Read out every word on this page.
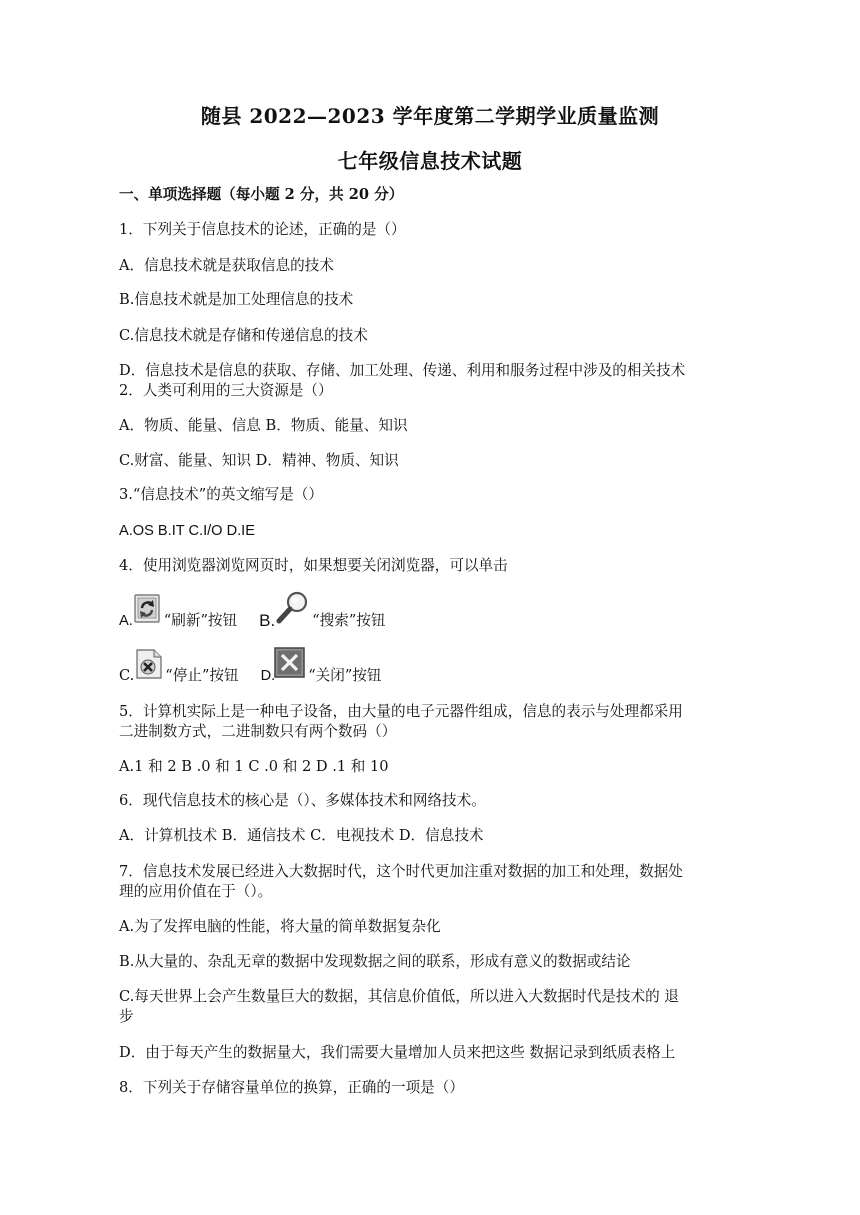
随县 2022—2023 学年度第二学期学业质量监测
七年级信息技术试题
一、单项选择题（每小题 2 分，共 20 分）
1．下列关于信息技术的论述，正确的是（）
A．信息技术就是获取信息的技术
B.信息技术就是加工处理信息的技术
C.信息技术就是存储和传递信息的技术
D．信息技术是信息的获取、存储、加工处理、传递、利用和服务过程中涉及的相关技术
2．人类可利用的三大资源是（）
A．物质、能量、信息 B．物质、能量、知识
C.财富、能量、知识 D．精神、物质、知识
3.“信息技术”的英文缩写是（）
A.OS B.IT C.I/O D.IE
4．使用浏览器浏览网页时，如果想要关闭浏览器，可以单击
A. “刷新”按钮 B.	“搜索”按钮
C. “停止”按钮 D. “关闭”按钮
5．计算机实际上是一种电子设备，由大量的电子元器件组成，信息的表示与处理都采用
二进制数方式，二进制数只有两个数码（）
A.1 和 2 B .0 和 1 C .0 和 2 D .1 和 10
6．现代信息技术的核心是（）、多媒体技术和网络技术。
A．计算机技术 B．通信技术 C．电视技术 D．信息技术
7．信息技术发展已经进入大数据时代，这个时代更加注重对数据的加工和处理，数据处
理的应用价值在于（）。
A.为了发挥电脑的性能，将大量的简单数据复杂化
B.从大量的、杂乱无章的数据中发现数据之间的联系，形成有意义的数据或结论
C.每天世界上会产生数量巨大的数据，其信息价值低，所以进入大数据时代是技术的 退
步
D．由于每天产生的数据量大，我们需要大量增加人员来把这些 数据记录到纸质表格上
8．下列关于存储容量单位的换算，正确的一项是（）
